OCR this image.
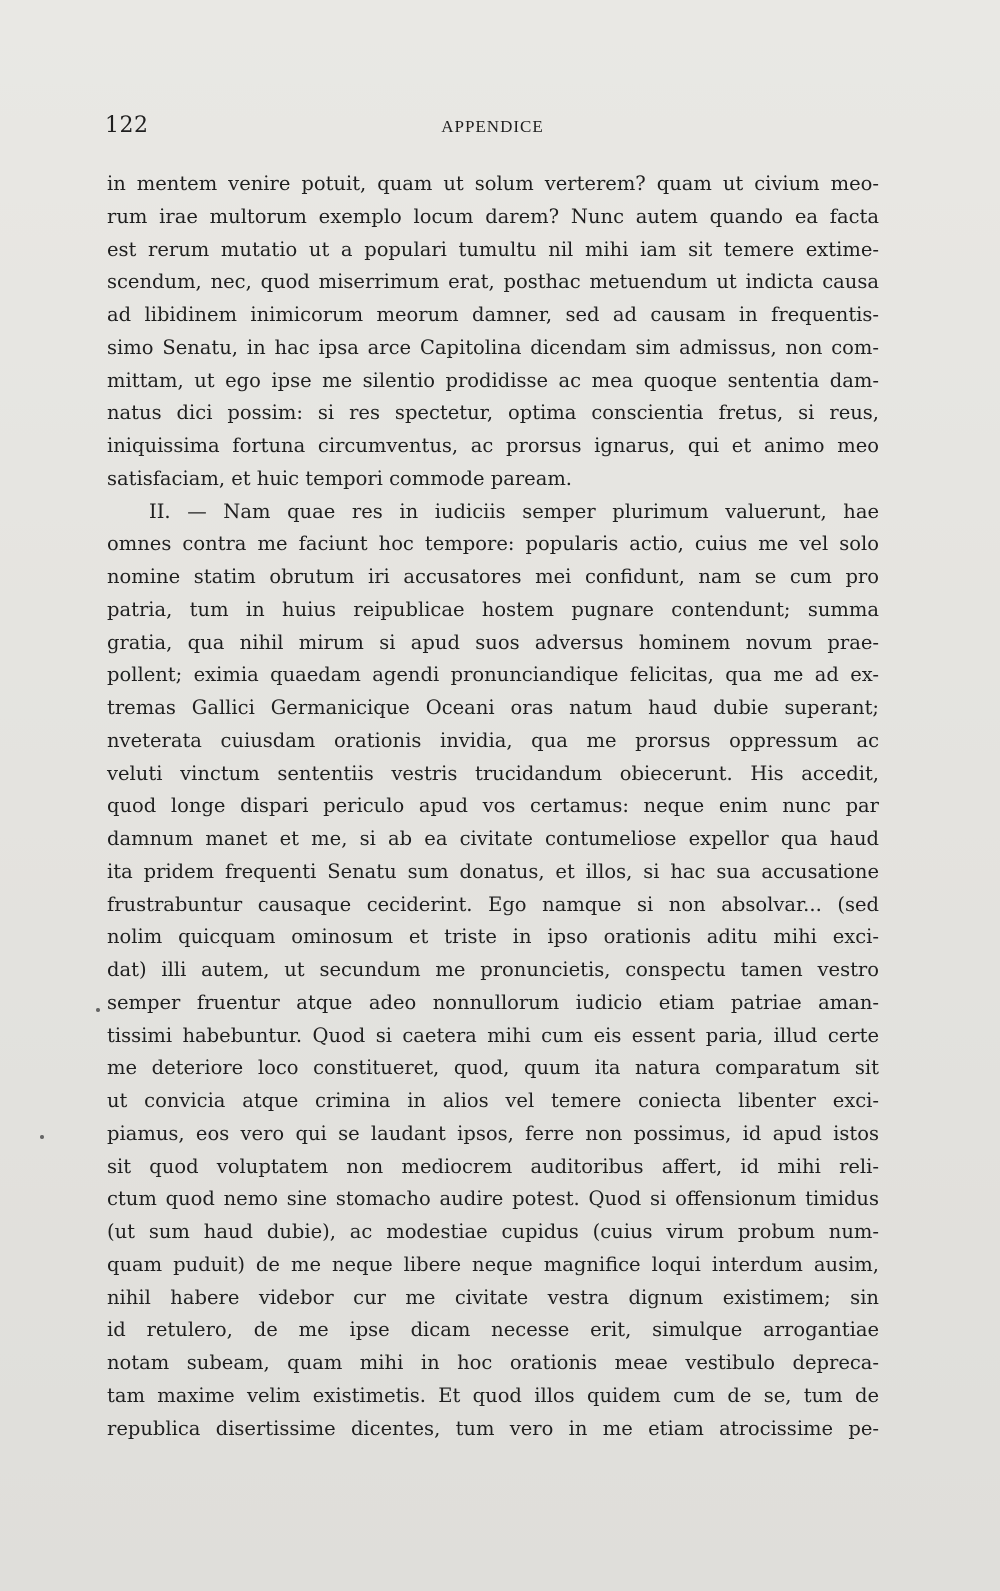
122	APPENDICE
in mentem venire potuit, quam ut solum verterem? quam ut civium meo-
rum irae multorum exemplo locum darem? Nunc autem quando ea facta
est rerum mutatio ut a populari tumultu nil mihi iam sit temere extime-
scendum, nec, quod miserrimum erat, posthac metuendum ut indicta causa
ad libidinem inimicorum meorum damner, sed ad causam in frequentis-
simo Senatu, in hac ipsa arce Capitolina dicendam sim admissus, non com-
mittam, ut ego ipse me silentio prodidisse ac mea quoque sententia dam-
natus dici possim: si res spectetur, optima conscientia fretus, si reus,
iniquissima fortuna circumventus, ac prorsus ignarus, qui et animo meo
satisfaciam, et huic tempori commode paream.
II. — Nam quae res in iudiciis semper plurimum valuerunt, hae
omnes contra me faciunt hoc tempore: popularis actio, cuius me vel solo
nomine statim obrutum iri accusatores mei confidunt, nam se cum pro
patria, tum in huius reipublicae hostem pugnare contendunt; summa
gratia, qua nihil mirum si apud suos adversus hominem novum prae-
pollent; eximia quaedam agendi pronunciandique felicitas, qua me ad ex-
tremas Gallici Germanicique Oceani oras natum haud dubie superant;
nveterata cuiusdam orationis invidia, qua me prorsus oppressum ac
veluti vinctum sententiis vestris trucidandum obiecerunt. His accedit,
quod longe dispari periculo apud vos certamus: neque enim nunc par
damnum manet et me, si ab ea civitate contumeliose expellor qua haud
ita pridem frequenti Senatu sum donatus, et illos, si hac sua accusatione
frustrabuntur causaque ceciderint. Ego namque si non absolvar... (sed
nolim quicquam ominosum et triste in ipso orationis aditu mihi exci-
dat) illi autem, ut secundum me pronuncietis, conspectu tamen vestro
semper fruentur atque adeo nonnullorum iudicio etiam patriae aman-
tissimi habebuntur. Quod si caetera mihi cum eis essent paria, illud certe
me deteriore loco constitueret, quod, quum ita natura comparatum sit
ut convicia atque crimina in alios vel temere coniecta libenter exci-
piamus, eos vero qui se laudant ipsos, ferre non possimus, id apud istos
sit quod voluptatem non mediocrem auditoribus affert, id mihi reli-
ctum quod nemo sine stomacho audire potest. Quod si offensionum timidus
(ut sum haud dubie), ac modestiae cupidus (cuius virum probum num-
quam puduit) de me neque libere neque magnifice loqui interdum ausim,
nihil habere videbor cur me civitate vestra dignum existimem; sin
id retulero, de me ipse dicam necesse erit, simulque arrogantiae
notam subeam, quam mihi in hoc orationis meae vestibulo depreca-
tam maxime velim existimetis. Et quod illos quidem cum de se, tum de
republica disertissime dicentes, tum vero in me etiam atrocissime pe-
